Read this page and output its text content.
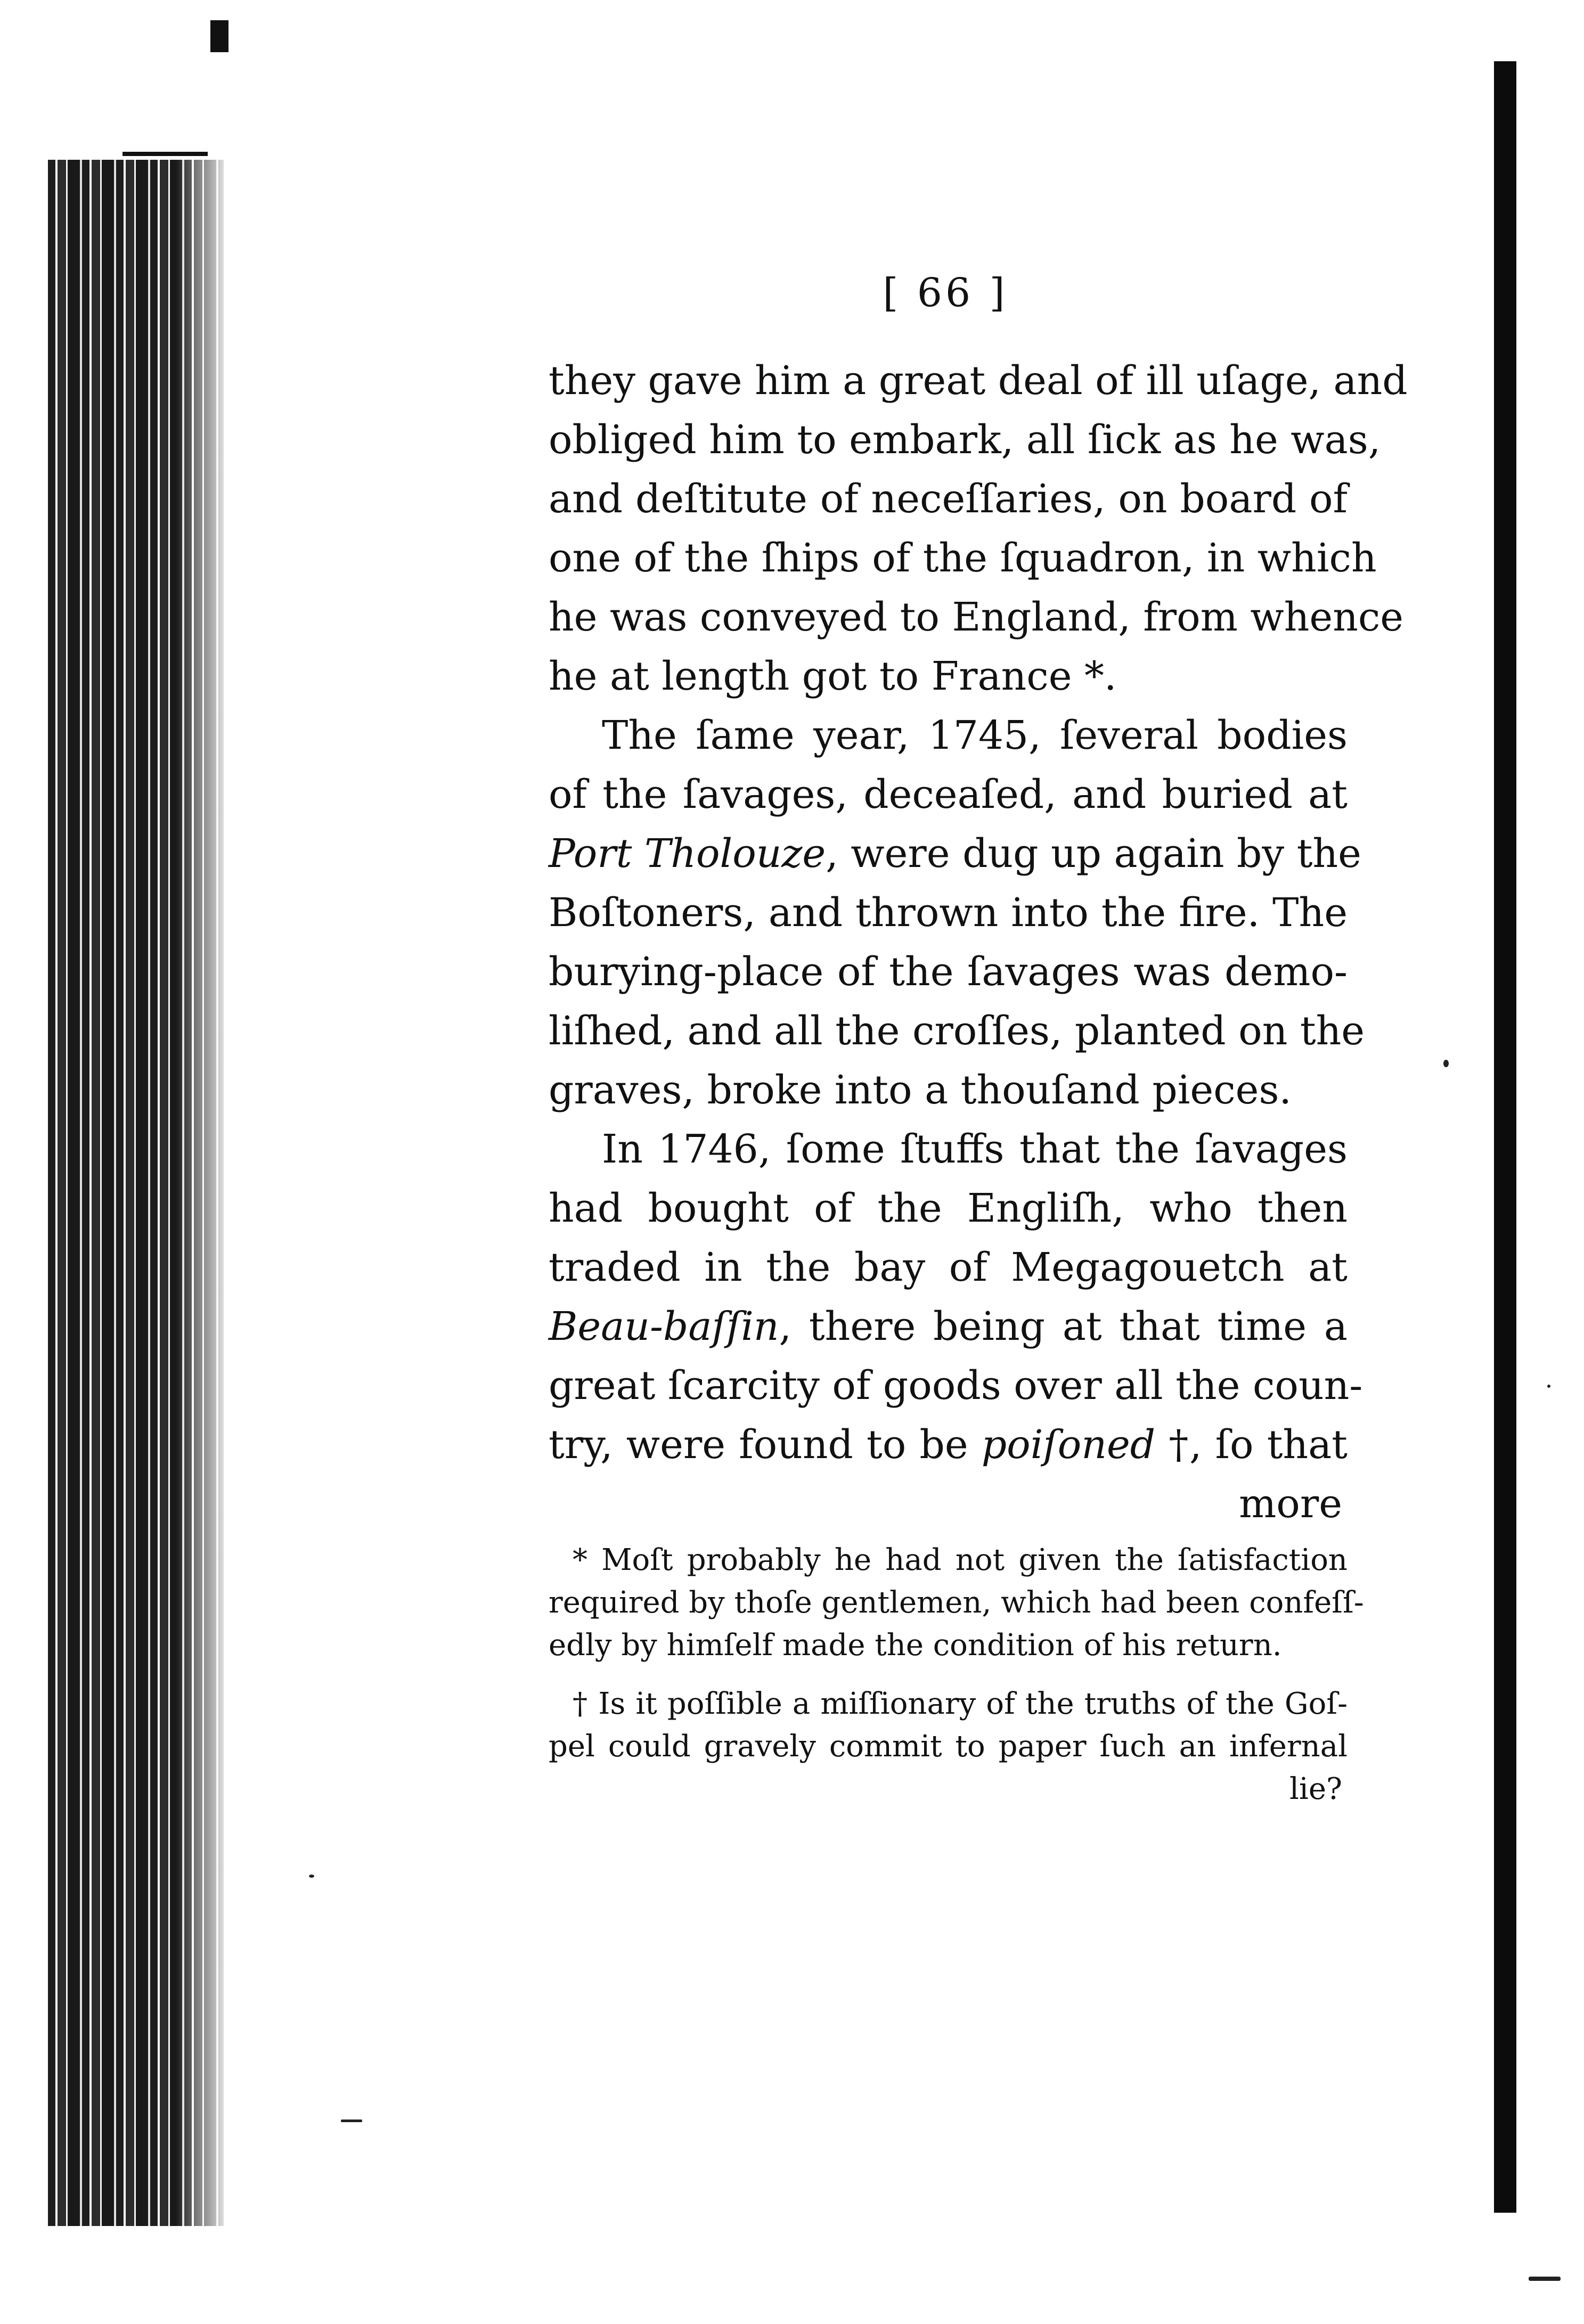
[ 66 ]
they gave him a great deal of ill uſage, and
obliged him to embark, all ſick as he was,
and deſtitute of neceſſaries, on board of
one of the ſhips of the ſquadron, in which
he was conveyed to England, from whence
he at length got to France *.
The ſame year, 1745, ſeveral bodies
of the ſavages, deceaſed, and buried at
Port Tholouze, were dug up again by the
Boſtoners, and thrown into the fire. The
burying-place of the ſavages was demo-
liſhed, and all the croſſes, planted on the
graves, broke into a thouſand pieces.
In 1746, ſome ſtuffs that the ſavages
had bought of the Engliſh, who then
traded in the bay of Megagouetch at
Beau-baſſin, there being at that time a
great ſcarcity of goods over all the coun-
try, were found to be poiſoned †, ſo that
more
* Moſt probably he had not given the ſatisfaction
required by thoſe gentlemen, which had been confeſſ-
edly by himſelf made the condition of his return.
† Is it poſſible a miſſionary of the truths of the Goſ-
pel could gravely commit to paper ſuch an infernal
lie?
